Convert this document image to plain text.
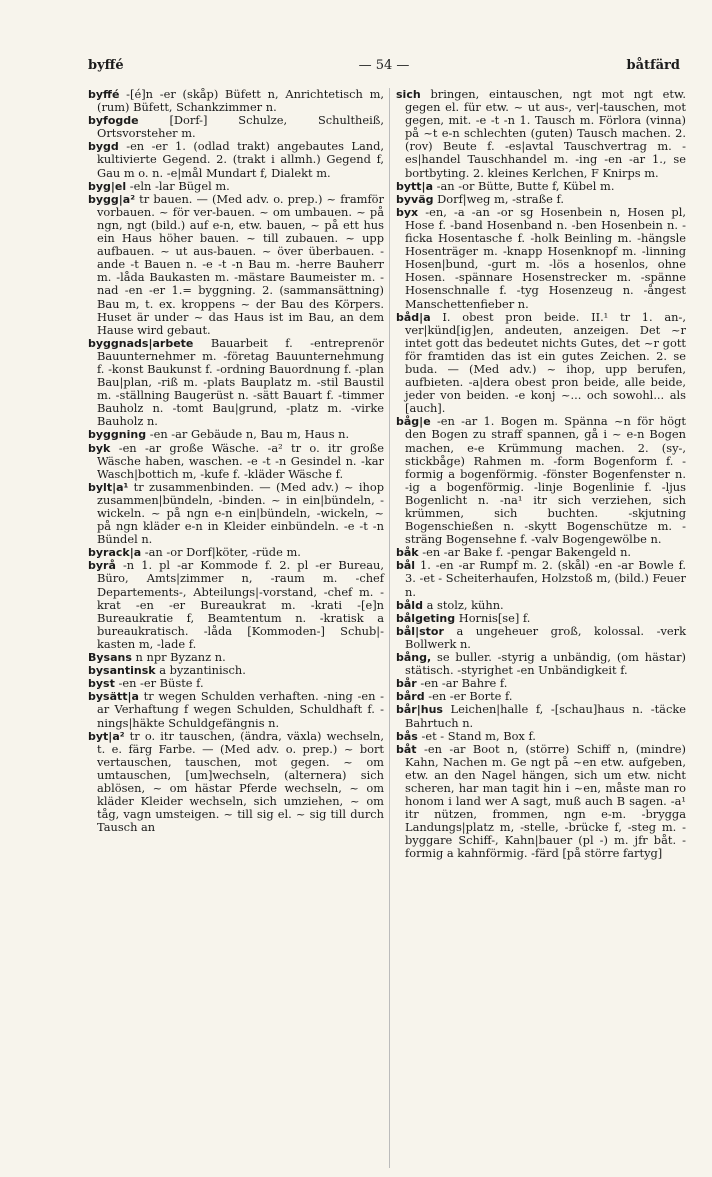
byffé	— 54 —	båtfärd

byffé -[é]n -er (skåp) Büfett n, Anrichtetisch m, (rum) Büfett, Schankzimmer n.

byfogde [Dorf-] Schulze, Schultheiß, Ortsvorsteher m.

bygd -en -er 1. (odlad trakt) angebautes Land, kultivierte Gegend. 2. (trakt i allmh.) Gegend f, Gau m o. n. -e|mål Mundart f, Dialekt m.

byg|el -eln -lar Bügel m.

bygg|a² tr bauen. — (Med adv. o. prep.) ~ framför vorbauen. ~ för ver-bauen. ~ om umbauen. ~ på ngn, ngt (bild.) auf e-n, etw. bauen, ~ på ett hus ein Haus höher bauen. ~ till zubauen. ~ upp aufbauen. ~ ut aus-bauen. ~ över überbauen. -ande -t Bauen n. -e -t -n Bau m. -herre Bauherr m. -låda Baukasten m. -mästare Baumeister m. -nad -en -er 1.= byggning. 2. (sammansättning) Bau m, t. ex. kroppens ~ der Bau des Körpers. Huset är under ~ das Haus ist im Bau, an dem Hause wird gebaut.

byggnads|arbete Bauarbeit f. -entreprenör Bauunternehmer m. -företag Bauunternehmung f. -konst Baukunst f. -ordning Bauordnung f. -plan Bau|plan, -riß m. -plats Bauplatz m. -stil Baustil m. -ställning Baugerüst n. -sätt Bauart f. -timmer Bauholz n. -tomt Bau|grund, -platz m. -virke Bauholz n.

byggning -en -ar Gebäude n, Bau m, Haus n.

byk -en -ar große Wäsche. -a² tr o. itr große Wäsche haben, waschen. -e -t -n Gesindel n. -kar Wasch|bottich m, -kufe f. -kläder Wäsche f.

bylt|a¹ tr zusammenbinden. — (Med adv.) ~ ihop zusammen|bündeln, -binden. ~ in ein|bündeln, -wickeln. ~ på ngn e-n ein|bündeln, -wickeln, ~ på ngn kläder e-n in Kleider einbündeln. -e -t -n Bündel n.

byrack|a -an -or Dorf|köter, -rüde m.

byrå -n 1. pl -ar Kommode f. 2. pl -er Bureau, Büro, Amts|zimmer n, -raum m. -chef Departements-, Abteilungs|-vorstand, -chef m. -krat -en -er Bureaukrat m. -krati -[e]n Bureaukratie f, Beamtentum n. -kratisk a bureaukratisch. -låda [Kommoden-] Schub|-kasten m, -lade f.

Bysans n npr Byzanz n.

bysantinsk a byzantinisch.

byst -en -er Büste f.

bysätt|a tr wegen Schulden verhaften. -ning -en -ar Verhaftung f wegen Schulden, Schuldhaft f. -nings|häkte Schuldgefängnis n.

byt|a² tr o. itr tauschen, (ändra, växla) wechseln, t. e. färg Farbe. — (Med adv. o. prep.) ~ bort vertauschen, tauschen, mot gegen. ~ om umtauschen, [um]wechseln, (alternera) sich ablösen, ~ om hästar Pferde wechseln, ~ om kläder Kleider wechseln, sich umziehen, ~ om tåg, vagn umsteigen. ~ till sig el. ~ sig till durch Tausch an

sich bringen, eintauschen, ngt mot ngt etw. gegen el. für etw. ~ ut aus-, ver|-tauschen, mot gegen, mit. -e -t -n 1. Tausch m. Förlora (vinna) på ~t e-n schlechten (guten) Tausch machen. 2. (rov) Beute f. -es|avtal Tauschvertrag m. -es|handel Tauschhandel m. -ing -en -ar 1., se bortbyting. 2. kleines Kerlchen, F Knirps m.

bytt|a -an -or Bütte, Butte f, Kübel m.

byväg Dorf|weg m, -straße f.

byx -en, -a -an -or sg Hosenbein n, Hosen pl, Hose f. -band Hosenband n. -ben Hosenbein n. -ficka Hosentasche f. -holk Beinling m. -hängsle Hosenträger m. -knapp Hosenknopf m. -linning Hosen|bund, -gurt m. -lös a hosenlos, ohne Hosen. -spännare Hosenstrecker m. -spänne Hosenschnalle f. -tyg Hosenzeug n. -ångest Manschettenfieber n.

båd|a I. obest pron beide. II.¹ tr 1. an-, ver|künd[ig]en, andeuten, anzeigen. Det ~r intet gott das bedeutet nichts Gutes, det ~r gott för framtiden das ist ein gutes Zeichen. 2. se buda. — (Med adv.) ~ ihop, upp berufen, aufbieten. -a|dera obest pron beide, alle beide, jeder von beiden. -e konj ~... och sowohl... als [auch].

båg|e -en -ar 1. Bogen m. Spänna ~n för högt den Bogen zu straff spannen, gå i ~ e-n Bogen machen, e-e Krümmung machen. 2. (sy-, stickbåge) Rahmen m. -form Bogenform f. -formig a bogenförmig. -fönster Bogenfenster n. -ig a bogenförmig. -linje Bogenlinie f. -ljus Bogenlicht n. -na¹ itr sich verziehen, sich krümmen, sich buchten. -skjutning Bogenschießen n. -skytt Bogenschütze m. -sträng Bogensehne f. -valv Bogengewölbe n.

båk -en -ar Bake f. -pengar Bakengeld n.

bål 1. -en -ar Rumpf m. 2. (skål) -en -ar Bowle f. 3. -et - Scheiterhaufen, Holzstoß m, (bild.) Feuer n.

båld a stolz, kühn.

bålgeting Hornis[se] f.

bål|stor a ungeheuer groß, kolossal. -verk Bollwerk n.

bång, se buller. -styrig a unbändig, (om hästar) stätisch. -styrighet -en Unbändigkeit f.

bår -en -ar Bahre f.

bård -en -er Borte f.

bår|hus Leichen|halle f, -[schau]haus n. -täcke Bahrtuch n.

bås -et - Stand m, Box f.

båt -en -ar Boot n, (större) Schiff n, (mindre) Kahn, Nachen m. Ge ngt på ~en etw. aufgeben, etw. an den Nagel hängen, sich um etw. nicht scheren, har man tagit hin i ~en, måste man ro honom i land wer A sagt, muß auch B sagen. -a¹ itr nützen, frommen, ngn e-m. -brygga Landungs|platz m, -stelle, -brücke f, -steg m. -byggare Schiff-, Kahn|bauer (pl -) m. jfr båt. -formig a kahnförmig. -färd [på större fartyg]
